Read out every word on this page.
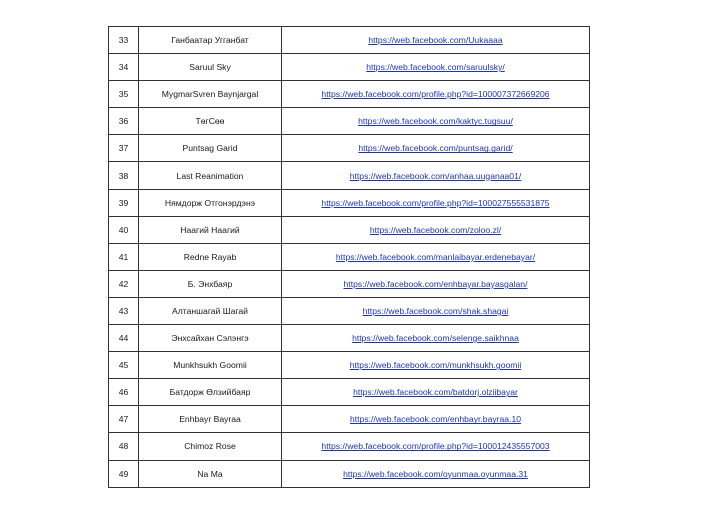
33	Ганбаатар Угганбат	https://web.facebook.com/Uukaaaa
34	Saruul Sky	https://web.facebook.com/saruulsky/
35	MygmarSvren Baynjargal	https://web.facebook.com/profile.php?id=100007372669206
36	ТөгСөө	https://web.facebook.com/kaktyc.tugsuu/
37	Puntsag Garid	https://web.facebook.com/puntsag.garid/
38	Last Reanimation	https://web.facebook.com/anhaa.uuganaa01/
39	Нямдорж Отгонэрдэнэ	https://web.facebook.com/profile.php?id=100027555531875
40	Наагий Наагий	https://web.facebook.com/zoloo.zl/
41	Redne Rayab	https://web.facebook.com/manlaibayar.erdenebayar/
42	Б. Энхбаяр	https://web.facebook.com/enhbayar.bayasgalan/
43	Алтаншагай Шагай	https://web.facebook.com/shak.shagai
44	Энхсайхан Сэлэнгэ	https://web.facebook.com/selenge.saikhnaa
45	Munkhsukh Goomii	https://web.facebook.com/munkhsukh.goomii
46	Батдорж Өлзийбаяр	https://web.facebook.com/batdorj.olziibayar
47	Enhbayr Bayraa	https://web.facebook.com/enhbayr.bayraa.10
48	Chimoz Rose	https://web.facebook.com/profile.php?id=100012435557003
49	Na Ma	https://web.facebook.com/oyunmaa.oyunmaa.31
